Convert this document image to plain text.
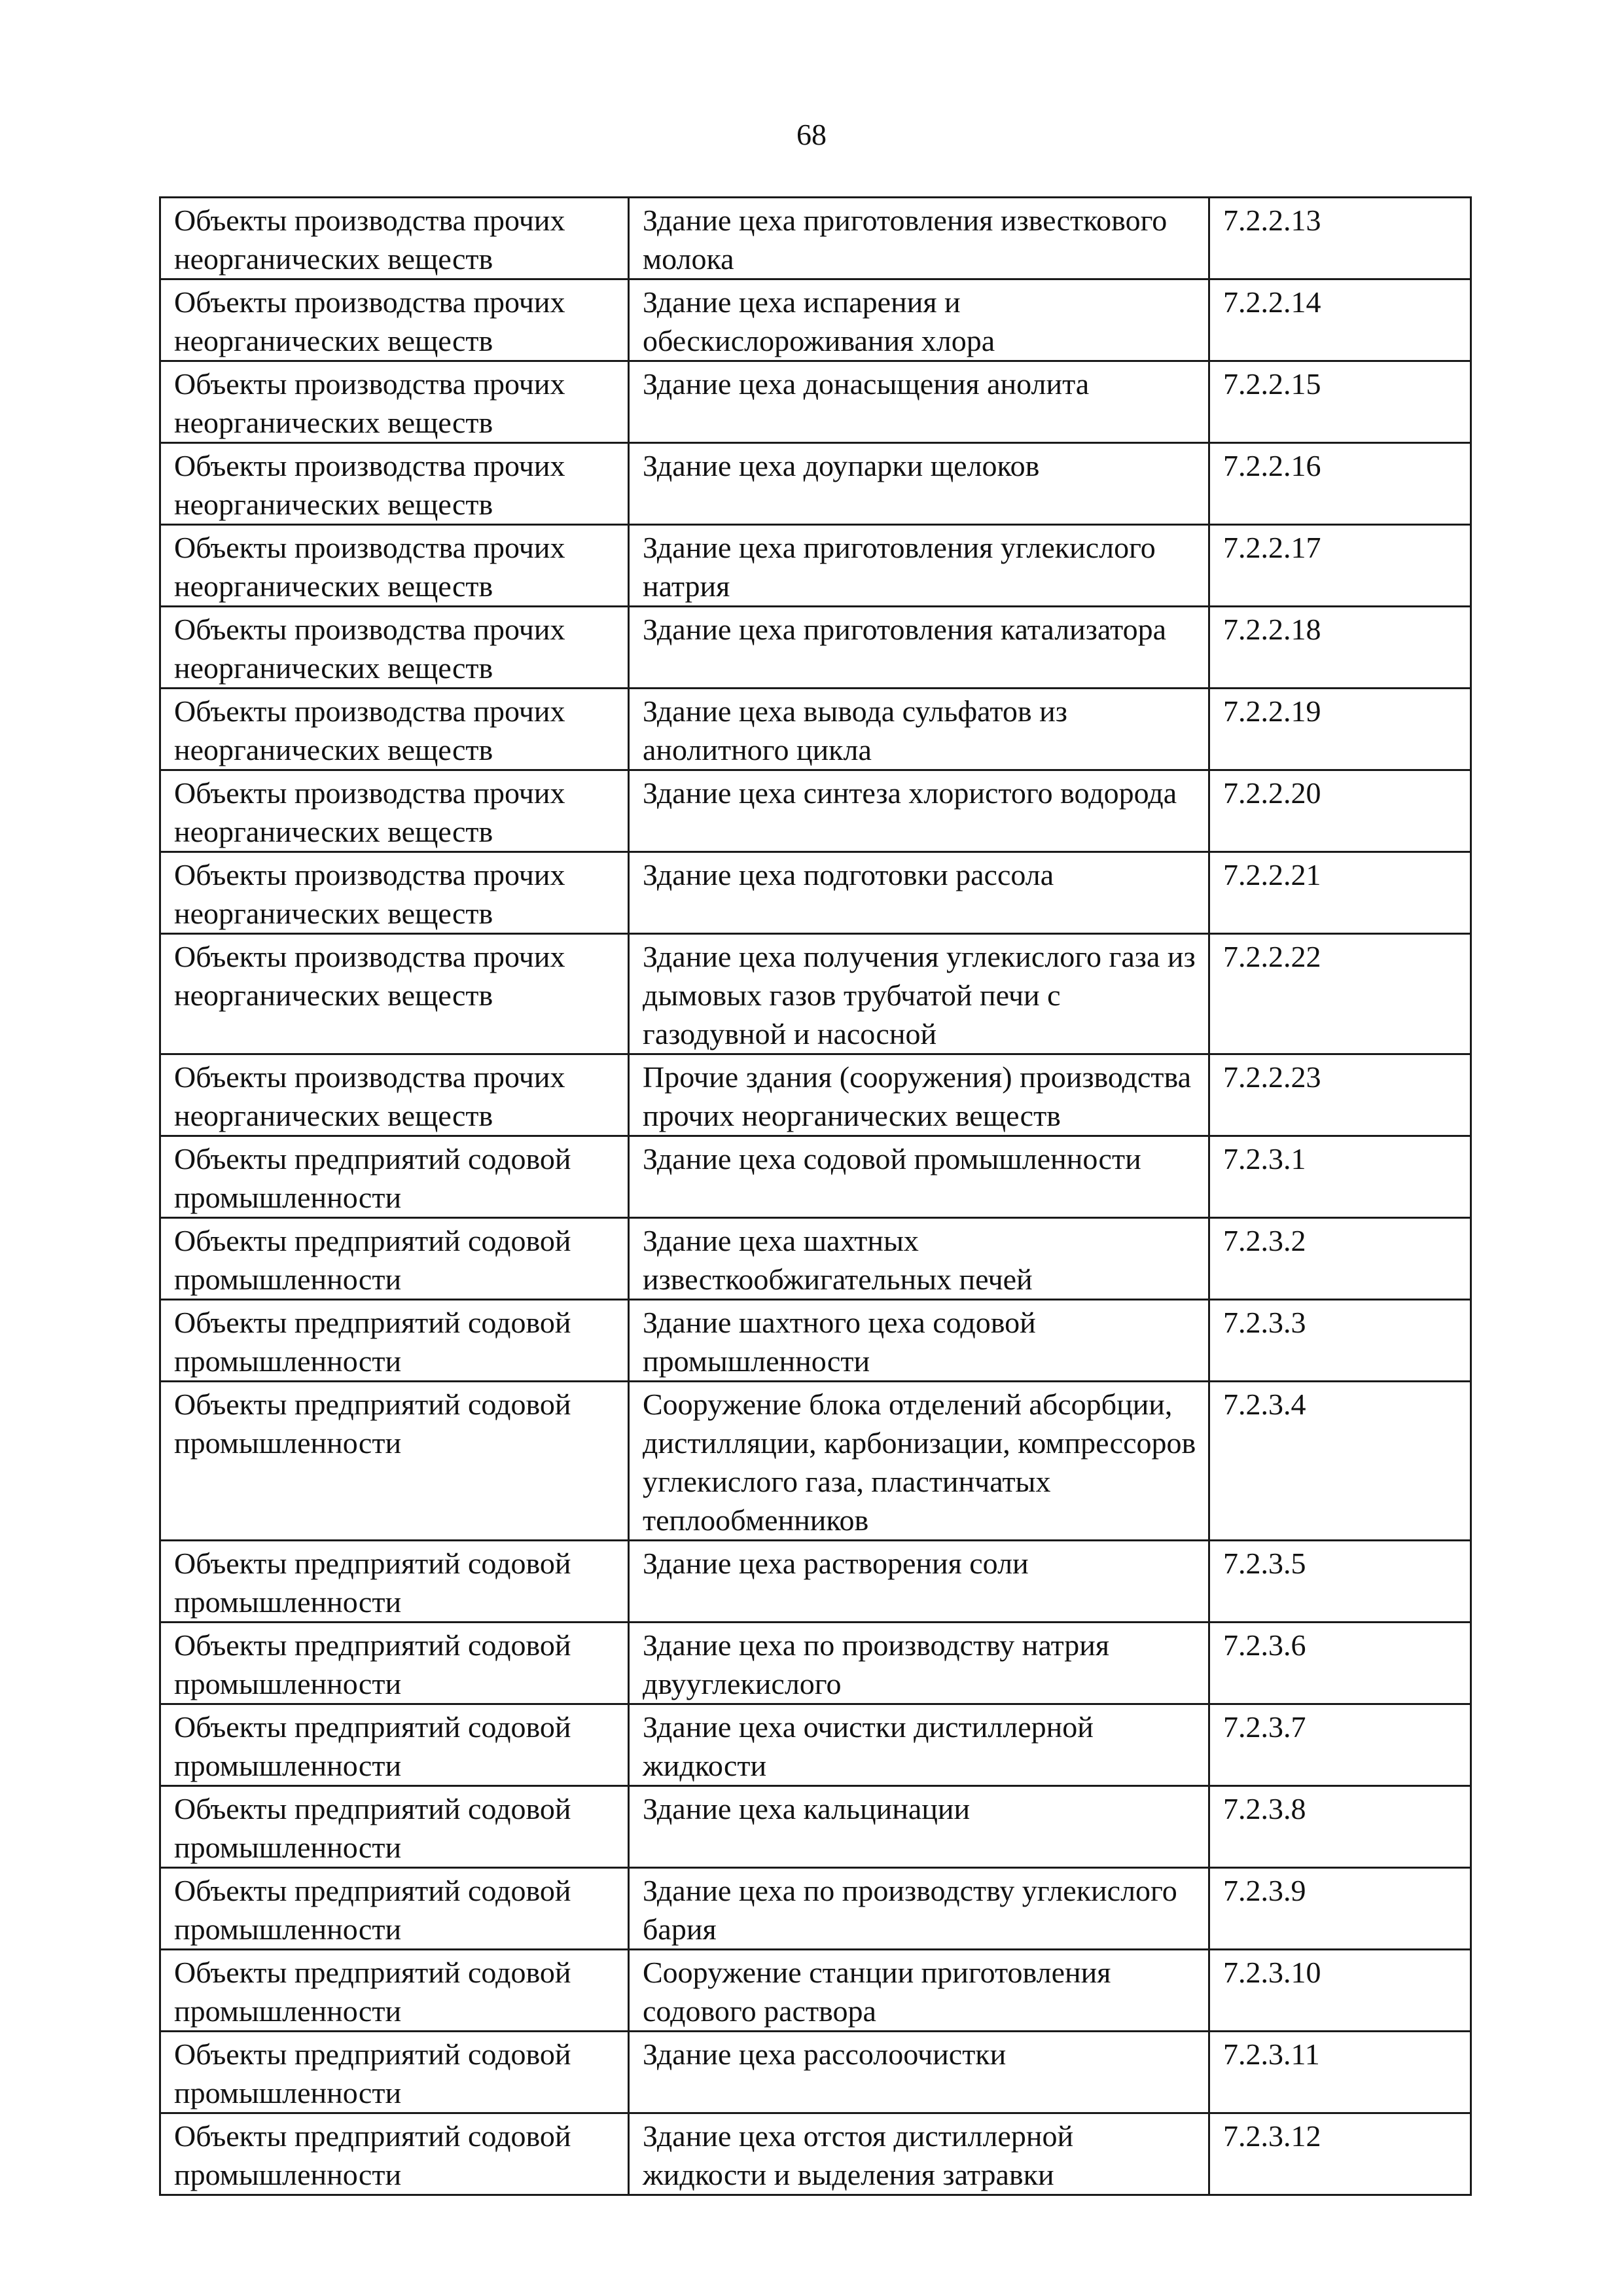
68
Объекты производства прочих неорганических веществ	Здание цеха приготовления известкового молока	7.2.2.13
Объекты производства прочих неорганических веществ	Здание цеха испарения и обескислороживания хлора	7.2.2.14
Объекты производства прочих неорганических веществ	Здание цеха донасыщения анолита	7.2.2.15
Объекты производства прочих неорганических веществ	Здание цеха доупарки щелоков	7.2.2.16
Объекты производства прочих неорганических веществ	Здание цеха приготовления углекислого натрия	7.2.2.17
Объекты производства прочих неорганических веществ	Здание цеха приготовления катализатора	7.2.2.18
Объекты производства прочих неорганических веществ	Здание цеха вывода сульфатов из анолитного цикла	7.2.2.19
Объекты производства прочих неорганических веществ	Здание цеха синтеза хлористого водорода	7.2.2.20
Объекты производства прочих неорганических веществ	Здание цеха подготовки рассола	7.2.2.21
Объекты производства прочих неорганических веществ	Здание цеха получения углекислого газа из дымовых газов трубчатой печи с газодувной и насосной	7.2.2.22
Объекты производства прочих неорганических веществ	Прочие здания (сооружения) производства прочих неорганических веществ	7.2.2.23
Объекты предприятий содовой промышленности	Здание цеха содовой промышленности	7.2.3.1
Объекты предприятий содовой промышленности	Здание цеха шахтных известкообжигательных печей	7.2.3.2
Объекты предприятий содовой промышленности	Здание шахтного цеха содовой промышленности	7.2.3.3
Объекты предприятий содовой промышленности	Сооружение блока отделений абсорбции, дистилляции, карбонизации, компрессоров углекислого газа, пластинчатых теплообменников	7.2.3.4
Объекты предприятий содовой промышленности	Здание цеха растворения соли	7.2.3.5
Объекты предприятий содовой промышленности	Здание цеха по производству натрия двууглекислого	7.2.3.6
Объекты предприятий содовой промышленности	Здание цеха очистки дистиллерной жидкости	7.2.3.7
Объекты предприятий содовой промышленности	Здание цеха кальцинации	7.2.3.8
Объекты предприятий содовой промышленности	Здание цеха по производству углекислого бария	7.2.3.9
Объекты предприятий содовой промышленности	Сооружение станции приготовления содового раствора	7.2.3.10
Объекты предприятий содовой промышленности	Здание цеха рассолоочистки	7.2.3.11
Объекты предприятий содовой промышленности	Здание цеха отстоя дистиллерной жидкости и выделения затравки	7.2.3.12
